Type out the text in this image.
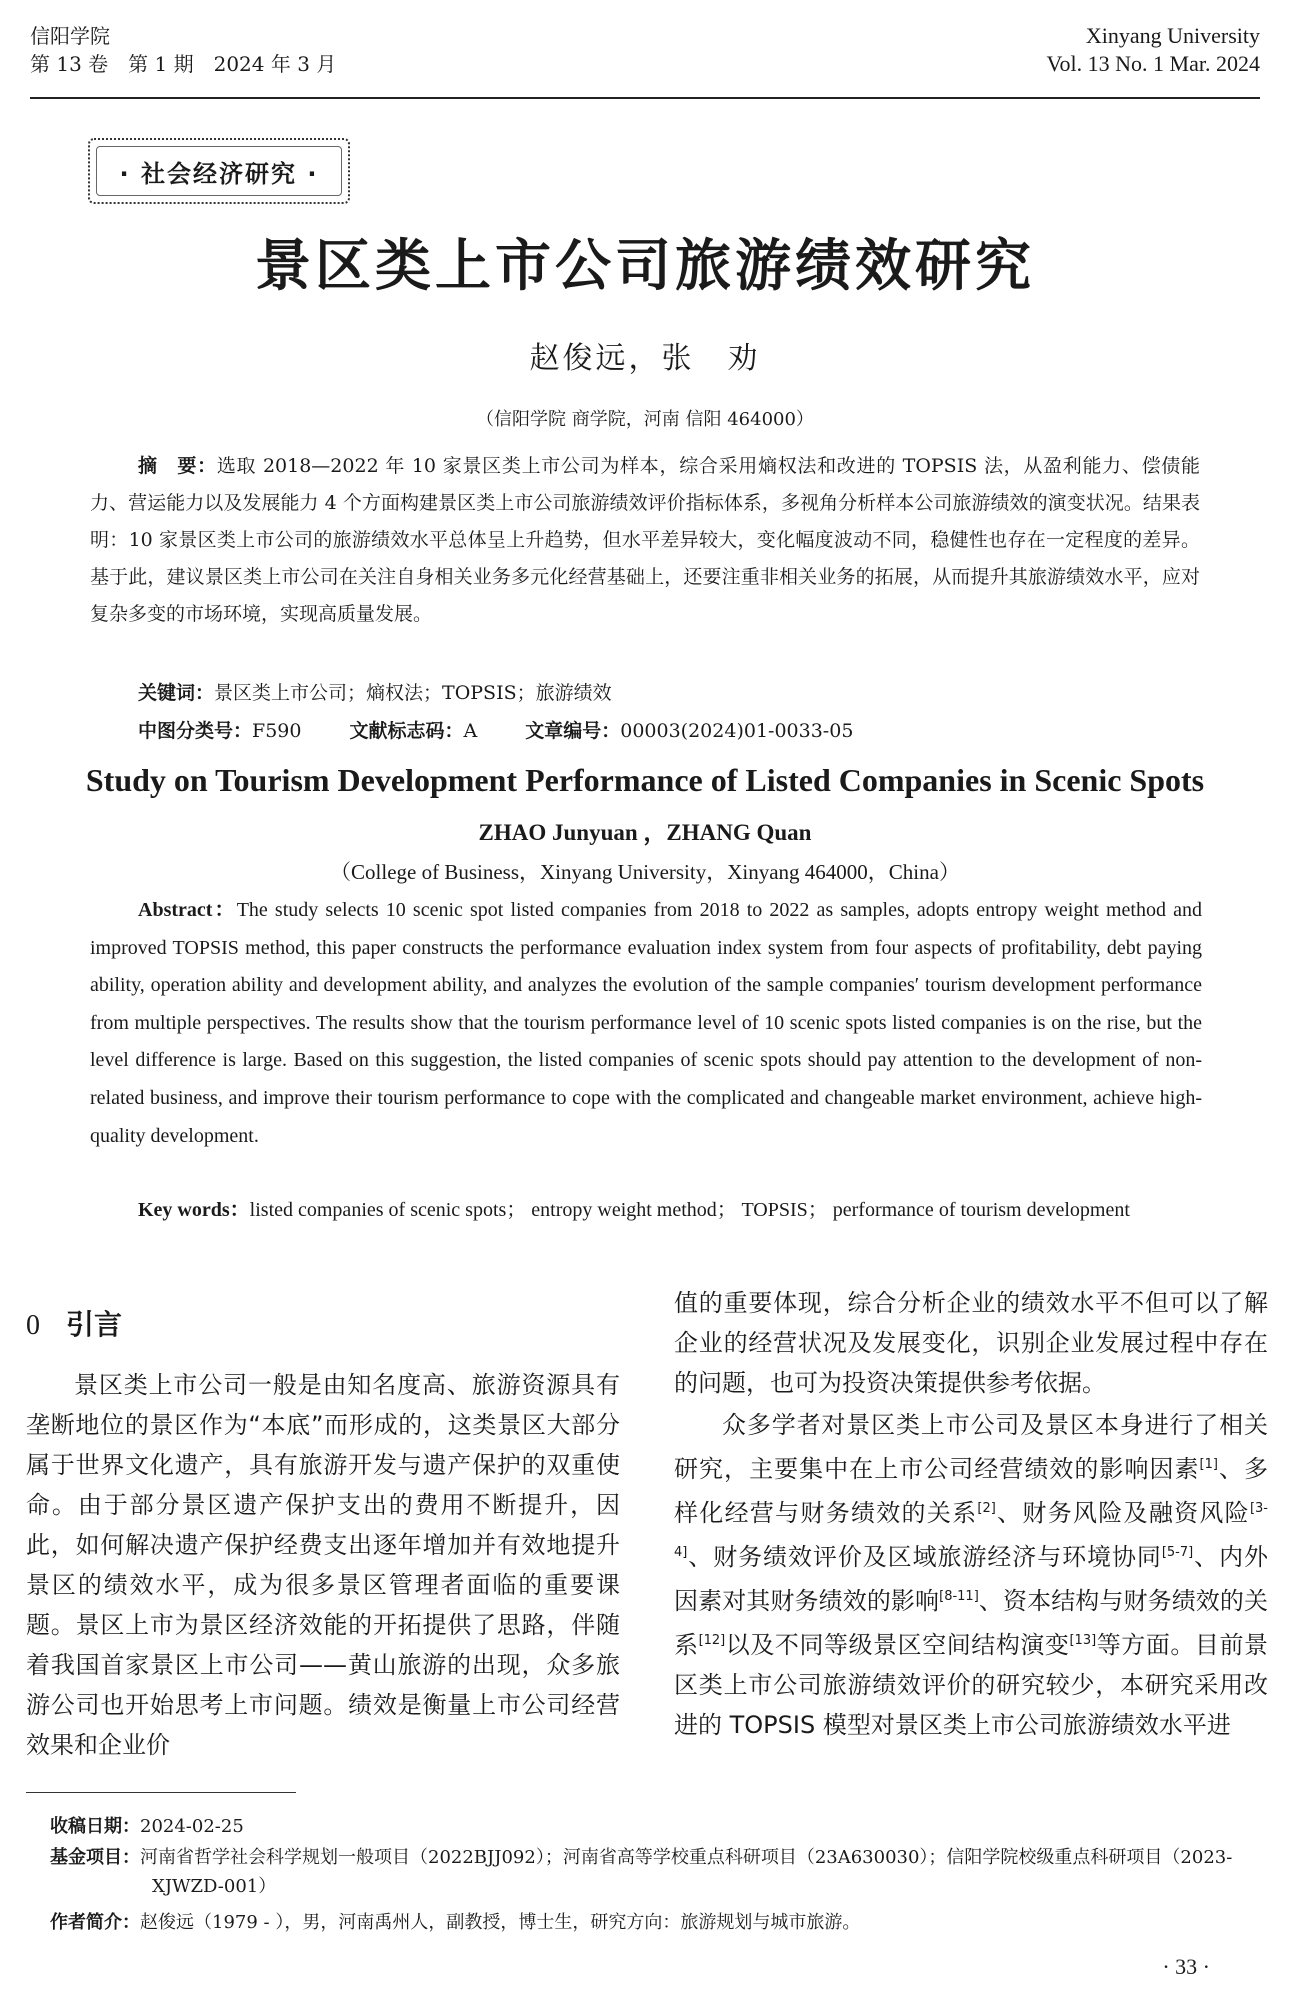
信阳学院
第 13 卷　第 1 期　2024 年 3 月
Xinyang University
Vol. 13 No. 1 Mar. 2024
· 社会经济研究 ·
景区类上市公司旅游绩效研究
赵俊远，张　劝
（信阳学院 商学院，河南 信阳 464000）
摘　要：选取 2018—2022 年 10 家景区类上市公司为样本，综合采用熵权法和改进的 TOPSIS 法，从盈利能力、偿债能力、营运能力以及发展能力 4 个方面构建景区类上市公司旅游绩效评价指标体系，多视角分析样本公司旅游绩效的演变状况。结果表明：10 家景区类上市公司的旅游绩效水平总体呈上升趋势，但水平差异较大，变化幅度波动不同，稳健性也存在一定程度的差异。基于此，建议景区类上市公司在关注自身相关业务多元化经营基础上，还要注重非相关业务的拓展，从而提升其旅游绩效水平，应对复杂多变的市场环境，实现高质量发展。
关键词：景区类上市公司；熵权法；TOPSIS；旅游绩效
中图分类号：F590	文献标志码：A	文章编号：00003(2024)01-0033-05
Study on Tourism Development Performance of Listed Companies in Scenic Spots
ZHAO Junyuan ，ZHANG Quan
（College of Business，Xinyang University，Xinyang 464000，China）
Abstract：The study selects 10 scenic spot listed companies from 2018 to 2022 as samples, adopts entropy weight method and improved TOPSIS method, this paper constructs the performance evaluation index system from four aspects of profitability, debt paying ability, operation ability and development ability, and analyzes the evolution of the sample companies′ tourism development performance from multiple perspectives. The results show that the tourism performance level of 10 scenic spots listed companies is on the rise, but the level difference is large. Based on this suggestion, the listed companies of scenic spots should pay attention to the development of non-related business, and improve their tourism performance to cope with the complicated and changeable market environment, achieve high-quality development.
Key words：listed companies of scenic spots； entropy weight method； TOPSIS； performance of tourism development
0 引言
景区类上市公司一般是由知名度高、旅游资源具有垄断地位的景区作为“本底”而形成的，这类景区大部分属于世界文化遗产，具有旅游开发与遗产保护的双重使命。由于部分景区遗产保护支出的费用不断提升，因此，如何解决遗产保护经费支出逐年增加并有效地提升景区的绩效水平，成为很多景区管理者面临的重要课题。景区上市为景区经济效能的开拓提供了思路，伴随着我国首家景区上市公司——黄山旅游的出现，众多旅游公司也开始思考上市问题。绩效是衡量上市公司经营效果和企业价
值的重要体现，综合分析企业的绩效水平不但可以了解企业的经营状况及发展变化，识别企业发展过程中存在的问题，也可为投资决策提供参考依据。
众多学者对景区类上市公司及景区本身进行了相关研究，主要集中在上市公司经营绩效的影响因素[1]、多样化经营与财务绩效的关系[2]、财务风险及融资风险[3-4]、财务绩效评价及区域旅游经济与环境协同[5-7]、内外因素对其财务绩效的影响[8-11]、资本结构与财务绩效的关系[12]以及不同等级景区空间结构演变[13]等方面。目前景区类上市公司旅游绩效评价的研究较少，本研究采用改进的 TOPSIS 模型对景区类上市公司旅游绩效水平进
收稿日期：2024-02-25
基金项目：河南省哲学社会科学规划一般项目（2022BJJ092）；河南省高等学校重点科研项目（23A630030）；信阳学院校级重点科研项目（2023-XJWZD-001）
作者简介：赵俊远（1979 - ），男，河南禹州人，副教授，博士生，研究方向：旅游规划与城市旅游。
· 33 ·
